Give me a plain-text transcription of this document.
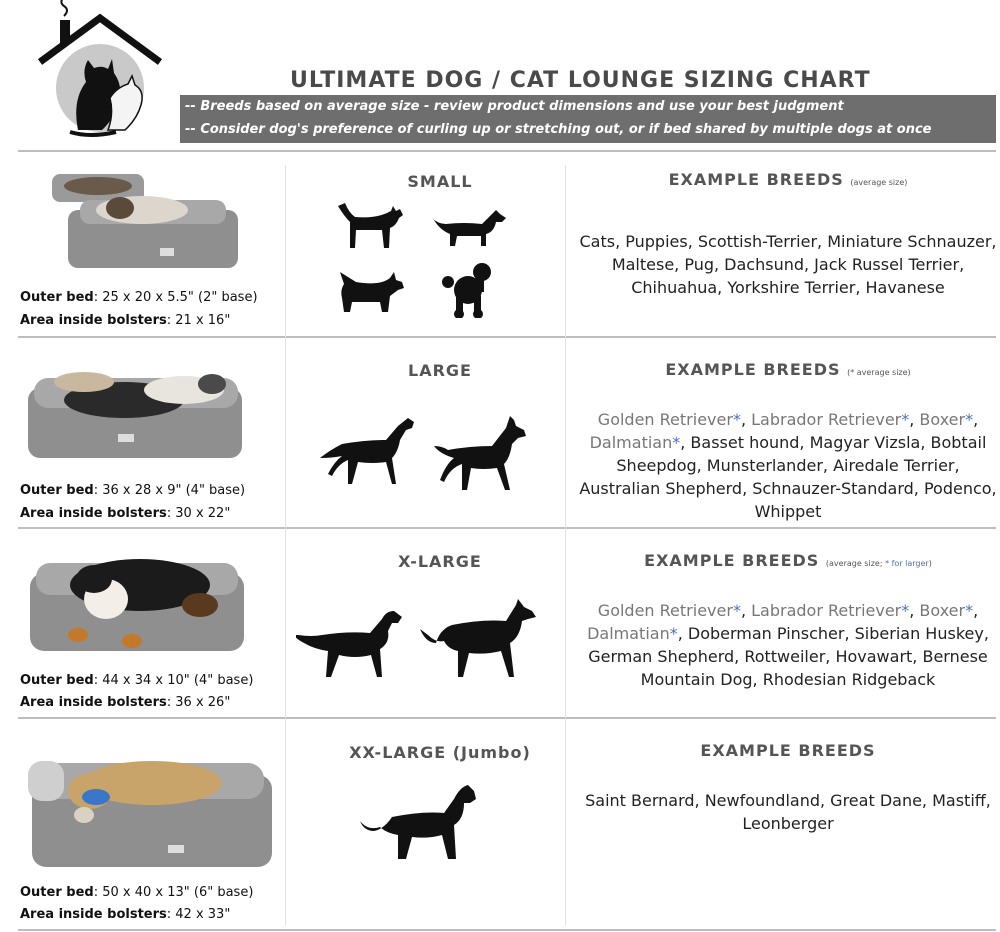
ULTIMATE DOG / CAT LOUNGE SIZING CHART
-- Breeds based on average size - review product dimensions and use your best judgment
-- Consider dog's preference of curling up or stretching out, or if bed shared by multiple dogs at once
Outer bed: 25 x 20 x 5.5" (2" base)
Area inside bolsters: 21 x 16"
SMALL	EXAMPLE BREEDS (average size)
Cats, Puppies, Scottish-Terrier, Miniature Schnauzer, Maltese, Pug, Dachsund, Jack Russel Terrier, Chihuahua, Yorkshire Terrier, Havanese
Outer bed: 36 x 28 x 9" (4" base)
Area inside bolsters: 30 x 22"
LARGE	EXAMPLE BREEDS (* average size)
Golden Retriever*, Labrador Retriever*, Boxer*, Dalmatian*, Basset hound, Magyar Vizsla, Bobtail Sheepdog, Munsterlander, Airedale Terrier, Australian Shepherd, Schnauzer-Standard, Podenco, Whippet
Outer bed: 44 x 34 x 10" (4" base)
Area inside bolsters: 36 x 26"
X-LARGE	EXAMPLE BREEDS (average size; * for larger)
Golden Retriever*, Labrador Retriever*, Boxer*, Dalmatian*, Doberman Pinscher, Siberian Huskey, German Shepherd, Rottweiler, Hovawart, Bernese Mountain Dog, Rhodesian Ridgeback
Outer bed: 50 x 40 x 13" (6" base)
Area inside bolsters: 42 x 33"
XX-LARGE (Jumbo)	EXAMPLE BREEDS
Saint Bernard, Newfoundland, Great Dane, Mastiff, Leonberger
